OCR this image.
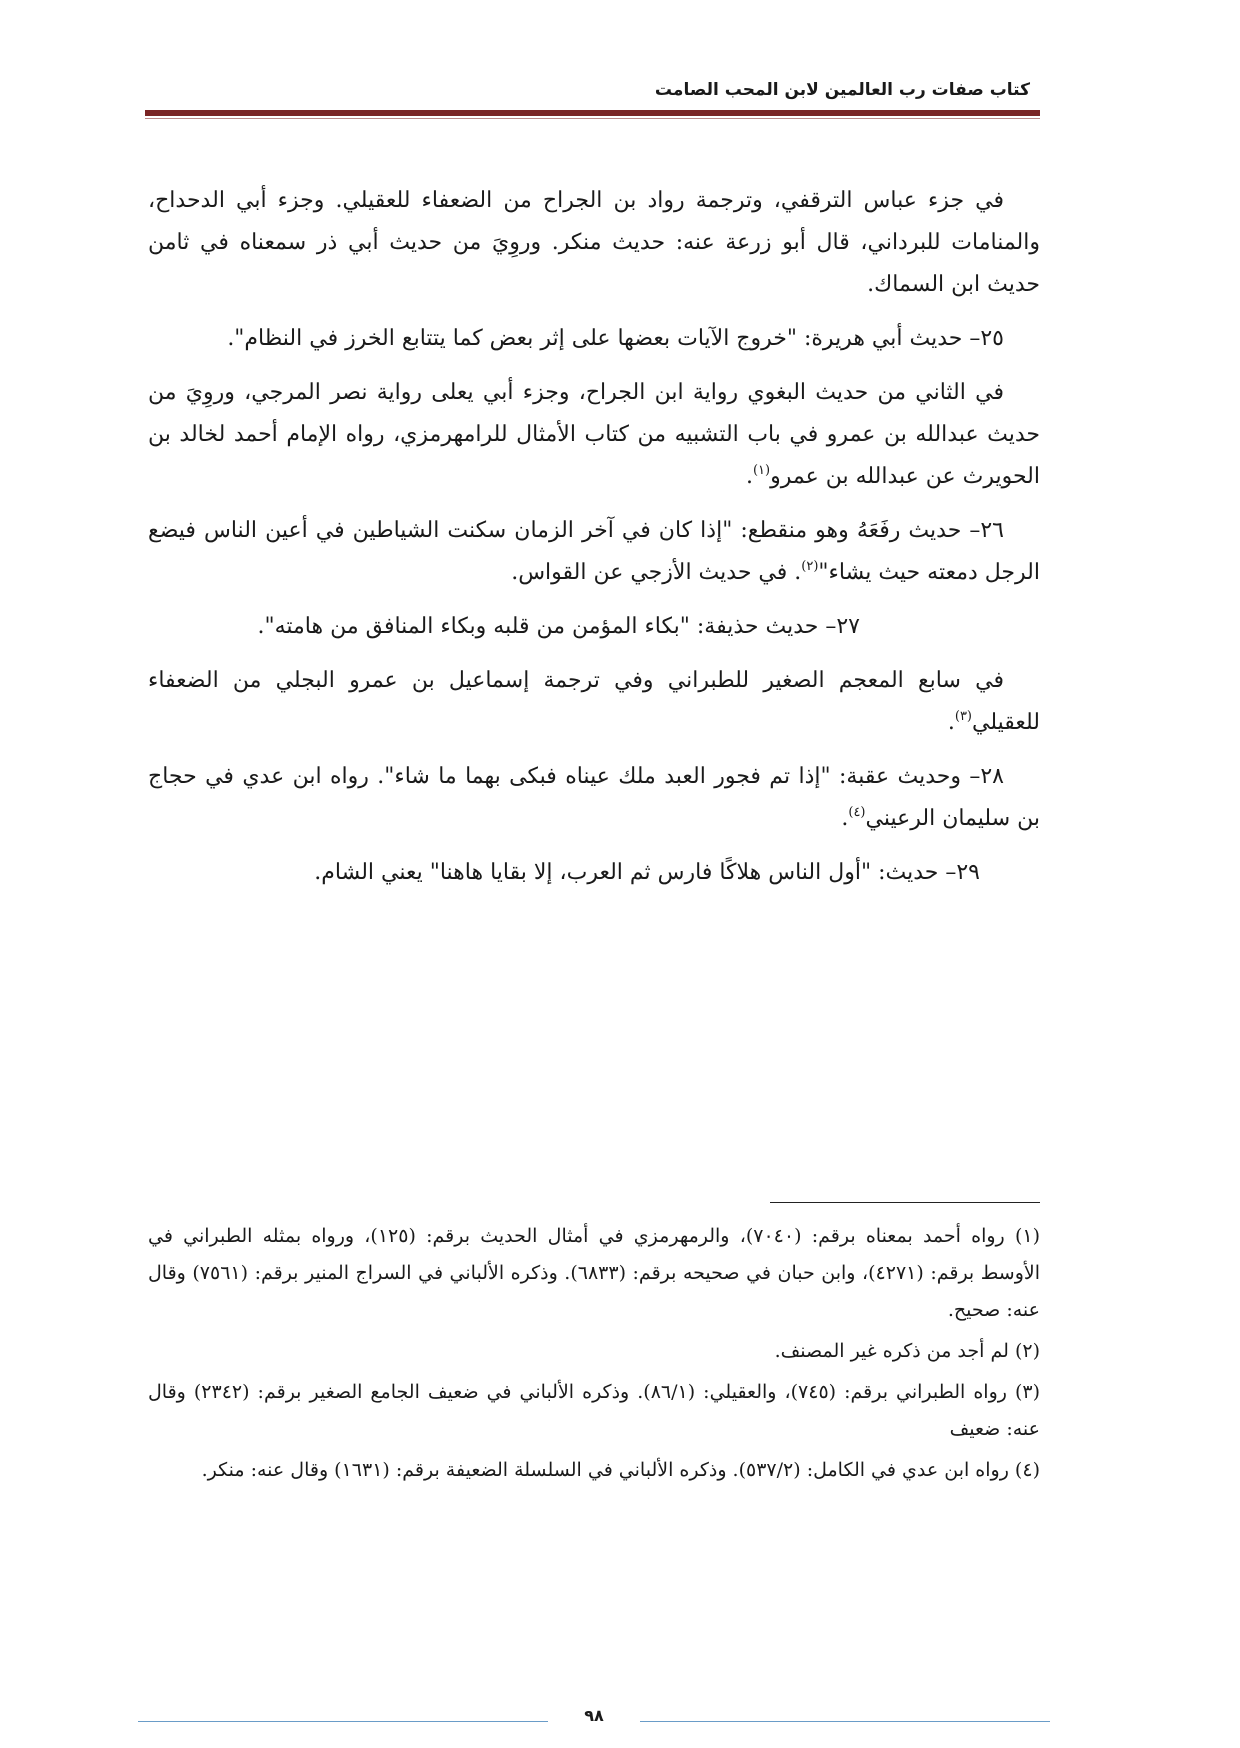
كتاب صفات رب العالمين لابن المحب الصامت

في جزء عباس الترقفي، وترجمة رواد بن الجراح من الضعفاء للعقيلي. وجزء أبي الدحداح، والمنامات للبرداني، قال أبو زرعة عنه: حديث منكر. وروِيَ من حديث أبي ذر سمعناه في ثامن حديث ابن السماك.

٢٥– حديث أبي هريرة: "خروج الآيات بعضها على إثر بعض كما يتتابع الخرز في النظام".

في الثاني من حديث البغوي رواية ابن الجراح، وجزء أبي يعلى رواية نصر المرجي، وروِيَ من حديث عبدالله بن عمرو في باب التشبيه من كتاب الأمثال للرامهرمزي، رواه الإمام أحمد لخالد بن الحويرث عن عبدالله بن عمرو$^{(١)}$.

٢٦– حديث رفَعَهُ وهو منقطع: "إذا كان في آخر الزمان سكنت الشياطين في أعين الناس فيضع الرجل دمعته حيث يشاء"$^{(٢)}$. في حديث الأزجي عن القواس.

٢٧– حديث حذيفة: "بكاء المؤمن من قلبه وبكاء المنافق من هامته".

في سابع المعجم الصغير للطبراني وفي ترجمة إسماعيل بن عمرو البجلي من الضعفاء للعقيلي$^{(٣)}$.

٢٨– وحديث عقبة: "إذا تم فجور العبد ملك عيناه فبكى بهما ما شاء". رواه ابن عدي في حجاج بن سليمان الرعيني$^{(٤)}$.

٢٩– حديث: "أول الناس هلاكًا فارس ثم العرب، إلا بقايا هاهنا" يعني الشام.

(١) رواه أحمد بمعناه برقم: (٧٠٤٠)، والرمهرمزي في أمثال الحديث برقم: (١٢٥)، ورواه بمثله الطبراني في الأوسط برقم: (٤٢٧١)، وابن حبان في صحيحه برقم: (٦٨٣٣). وذكره الألباني في السراج المنير برقم: (٧٥٦١) وقال عنه: صحيح.

(٢) لم أجد من ذكره غير المصنف.

(٣) رواه الطبراني برقم: (٧٤٥)، والعقيلي: (٨٦/١). وذكره الألباني في ضعيف الجامع الصغير برقم: (٢٣٤٢) وقال عنه: ضعيف

(٤) رواه ابن عدي في الكامل: (٥٣٧/٢). وذكره الألباني في السلسلة الضعيفة برقم: (١٦٣١) وقال عنه: منكر.

٩٨
